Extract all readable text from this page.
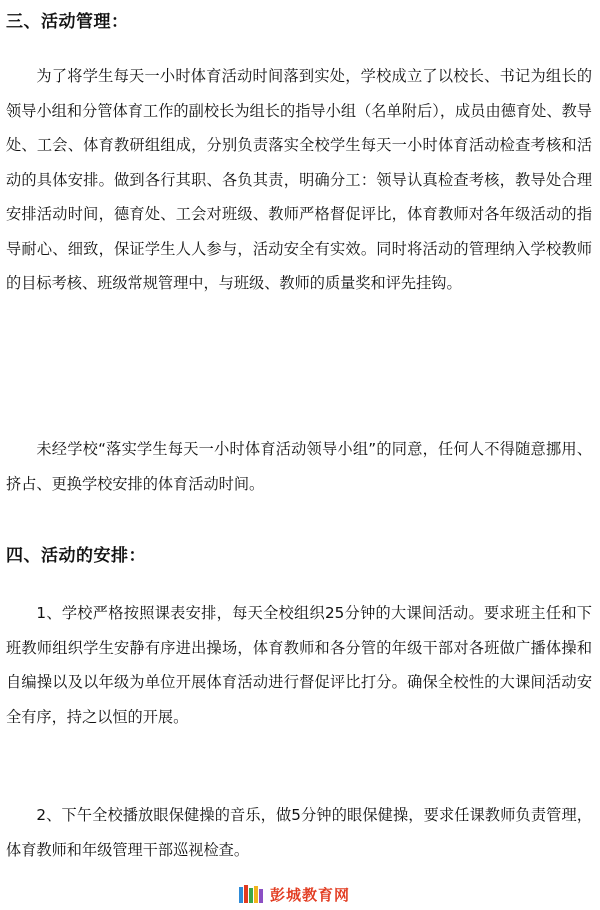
三、活动管理：

为了将学生每天一小时体育活动时间落到实处，学校成立了以校长、书记为组长的领导小组和分管体育工作的副校长为组长的指导小组（名单附后），成员由德育处、教导处、工会、体育教研组组成，分别负责落实全校学生每天一小时体育活动检查考核和活动的具体安排。做到各行其职、各负其责，明确分工：领导认真检查考核，教导处合理安排活动时间，德育处、工会对班级、教师严格督促评比，体育教师对各年级活动的指导耐心、细致，保证学生人人参与，活动安全有实效。同时将活动的管理纳入学校教师的目标考核、班级常规管理中，与班级、教师的质量奖和评先挂钩。

未经学校“落实学生每天一小时体育活动领导小组”的同意，任何人不得随意挪用、挤占、更换学校安排的体育活动时间。

四、活动的安排：

1、学校严格按照课表安排，每天全校组织25分钟的大课间活动。要求班主任和下班教师组织学生安静有序进出操场，体育教师和各分管的年级干部对各班做广播体操和自编操以及以年级为单位开展体育活动进行督促评比打分。确保全校性的大课间活动安全有序，持之以恒的开展。

2、下午全校播放眼保健操的音乐，做5分钟的眼保健操，要求任课教师负责管理，体育教师和年级管理干部巡视检查。

彭城教育网
